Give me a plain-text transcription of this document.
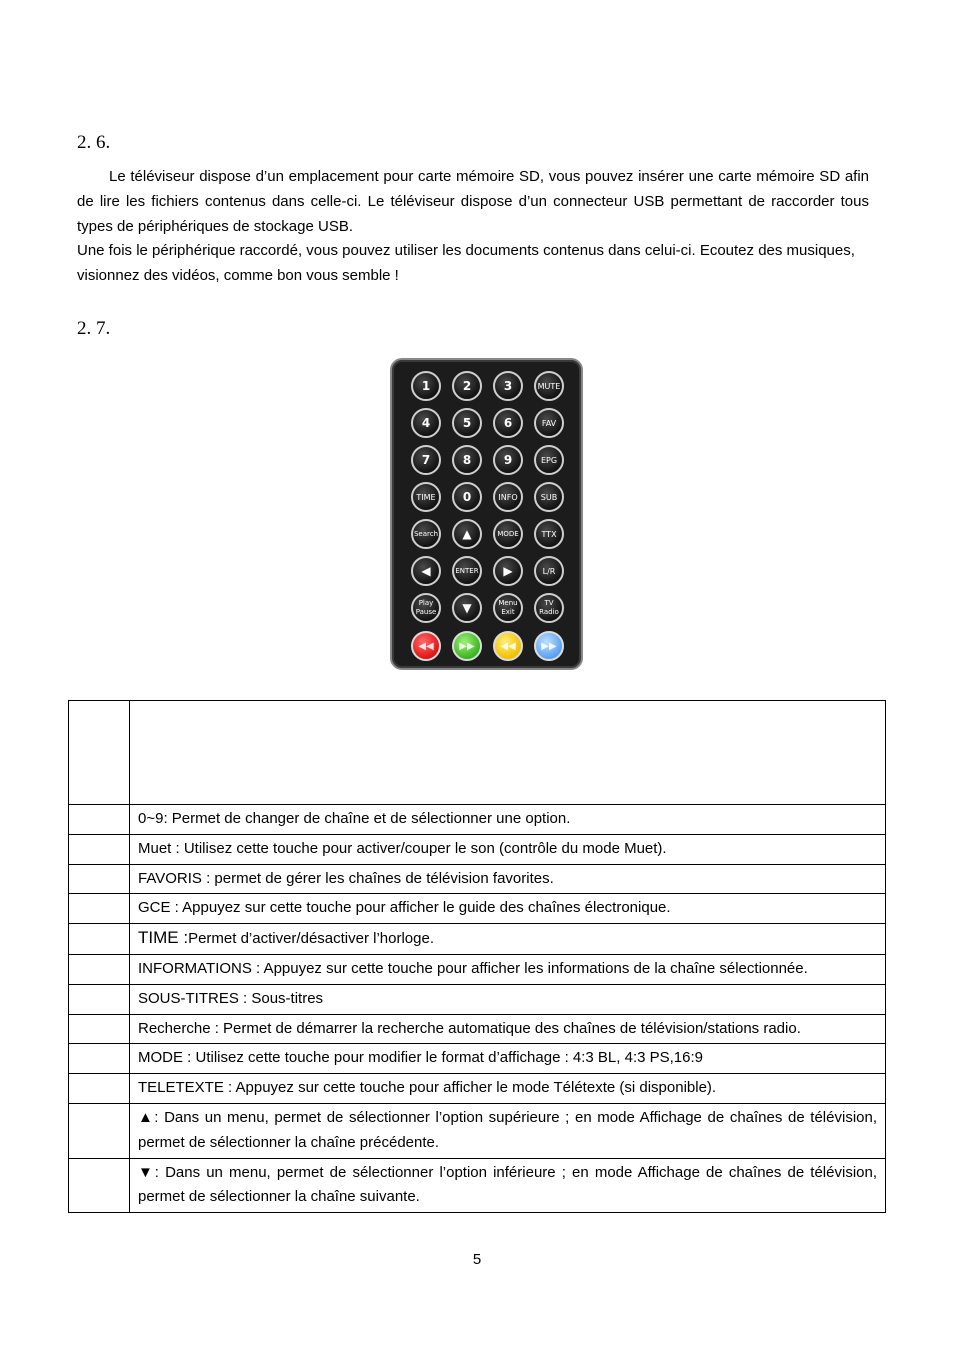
2. 6.

Le téléviseur dispose d’un emplacement pour carte mémoire SD, vous pouvez insérer une carte mémoire SD afin de lire les fichiers contenus dans celle-ci. Le téléviseur dispose d’un connecteur USB permettant de raccorder tous types de périphériques de stockage USB.

Une fois le périphérique raccordé, vous pouvez utiliser les documents contenus dans celui-ci. Ecoutez des musiques, visionnez des vidéos, comme bon vous semble !

2. 7.
1	2	3	MUTE
4	5	6	FAV
7	8	9	EPG
TIME	0	INFO	SUB
Search	▲	MODE	TTX
◀	ENTER	▶	L/R
Play Pause	▼	Menu Exit
TV Radio
◀◀	▶▶	◀◀	▶▶

	0~9: Permet de changer de chaîne et de sélectionner une option.
	Muet : Utilisez cette touche pour activer/couper le son (contrôle du mode Muet).
	FAVORIS : permet de gérer les chaînes de télévision favorites.
	GCE : Appuyez sur cette touche pour afficher le guide des chaînes électronique.
	TIME :Permet d’activer/désactiver l’horloge.
	INFORMATIONS : Appuyez sur cette touche pour afficher les informations de la chaîne sélectionnée.
	SOUS-TITRES : Sous-titres
	Recherche : Permet de démarrer la recherche automatique des chaînes de télévision/stations radio.
	MODE : Utilisez cette touche pour modifier le format d’affichage : 4:3 BL, 4:3 PS,16:9
	TELETEXTE : Appuyez sur cette touche pour afficher le mode Télétexte (si disponible).
	▲: Dans un menu, permet de sélectionner l’option supérieure ; en mode Affichage de chaînes de télévision, permet de sélectionner la chaîne précédente.
	▼: Dans un menu, permet de sélectionner l’option inférieure ; en mode Affichage de chaînes de télévision, permet de sélectionner la chaîne suivante.
5
